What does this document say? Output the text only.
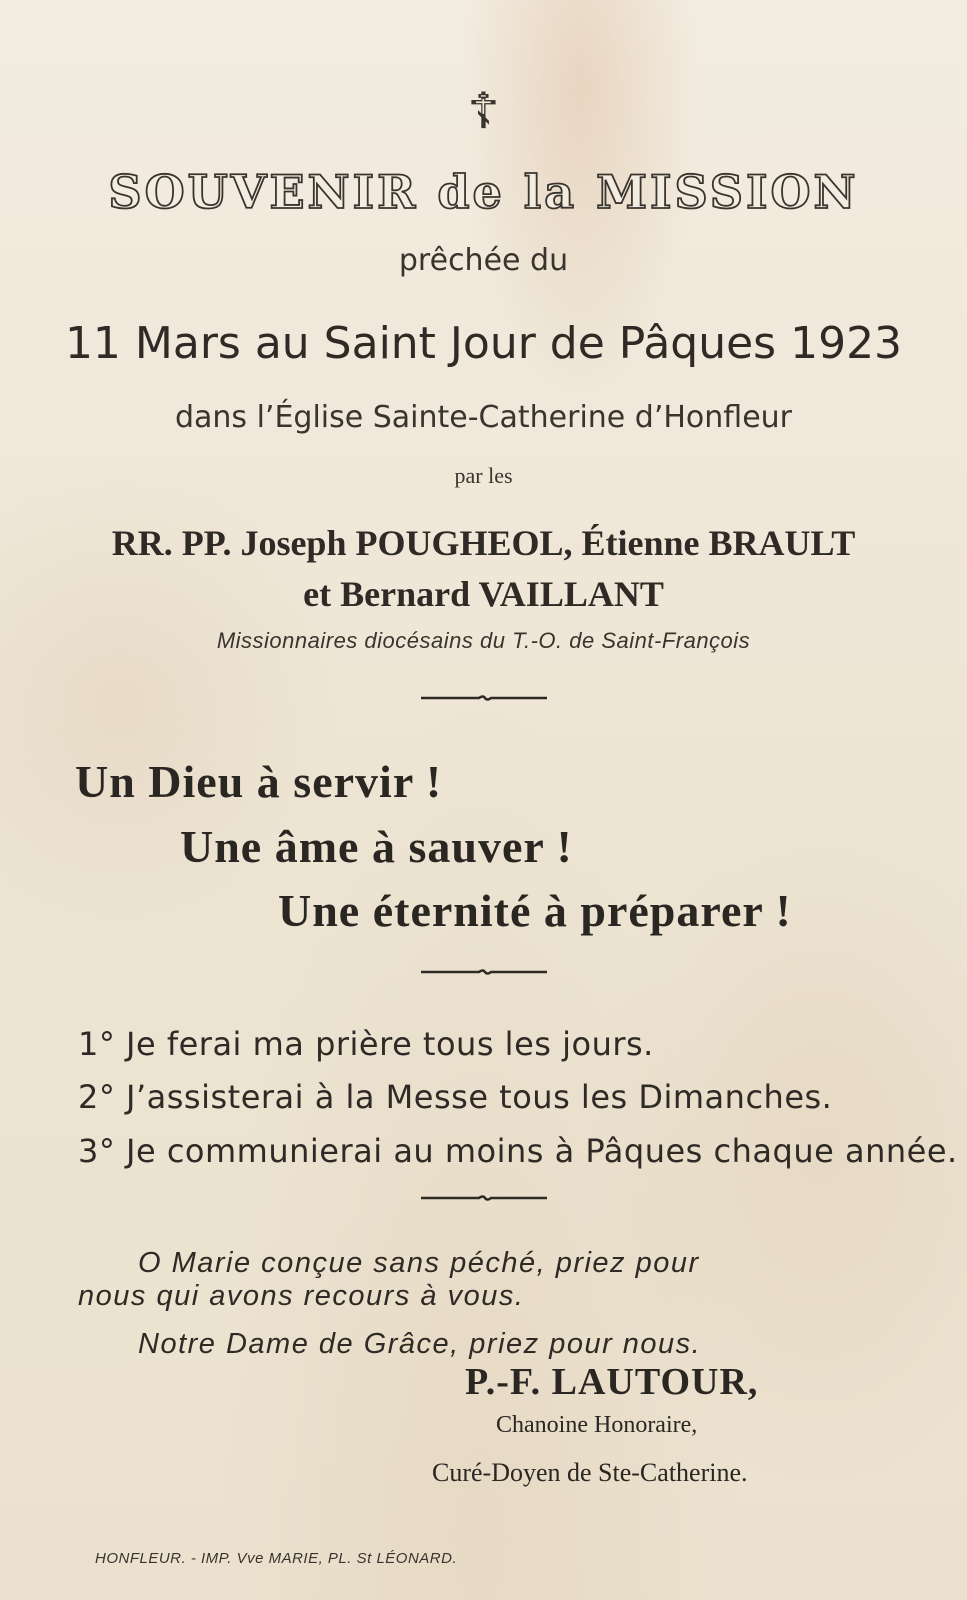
☦
SOUVENIR de la MISSION
prêchée du
11 Mars au Saint Jour de Pâques 1923
dans l’Église Sainte-Catherine d’Honfleur
par les
RR. PP. Joseph POUGHEOL, Étienne BRAULT
et Bernard VAILLANT
Missionnaires diocésains du T.-O. de Saint-François
Un Dieu à servir !
Une âme à sauver !
Une éternité à préparer !
1° Je ferai ma prière tous les jours.
2° J’assisterai à la Messe tous les Dimanches.
3° Je communierai au moins à Pâques chaque année.
O Marie conçue sans péché, priez pour
nous qui avons recours à vous.
Notre Dame de Grâce, priez pour nous.
P.-F. LAUTOUR,
Chanoine Honoraire,
Curé-Doyen de Ste-Catherine.
HONFLEUR. - IMP. Vve MARIE, PL. St LÉONARD.
